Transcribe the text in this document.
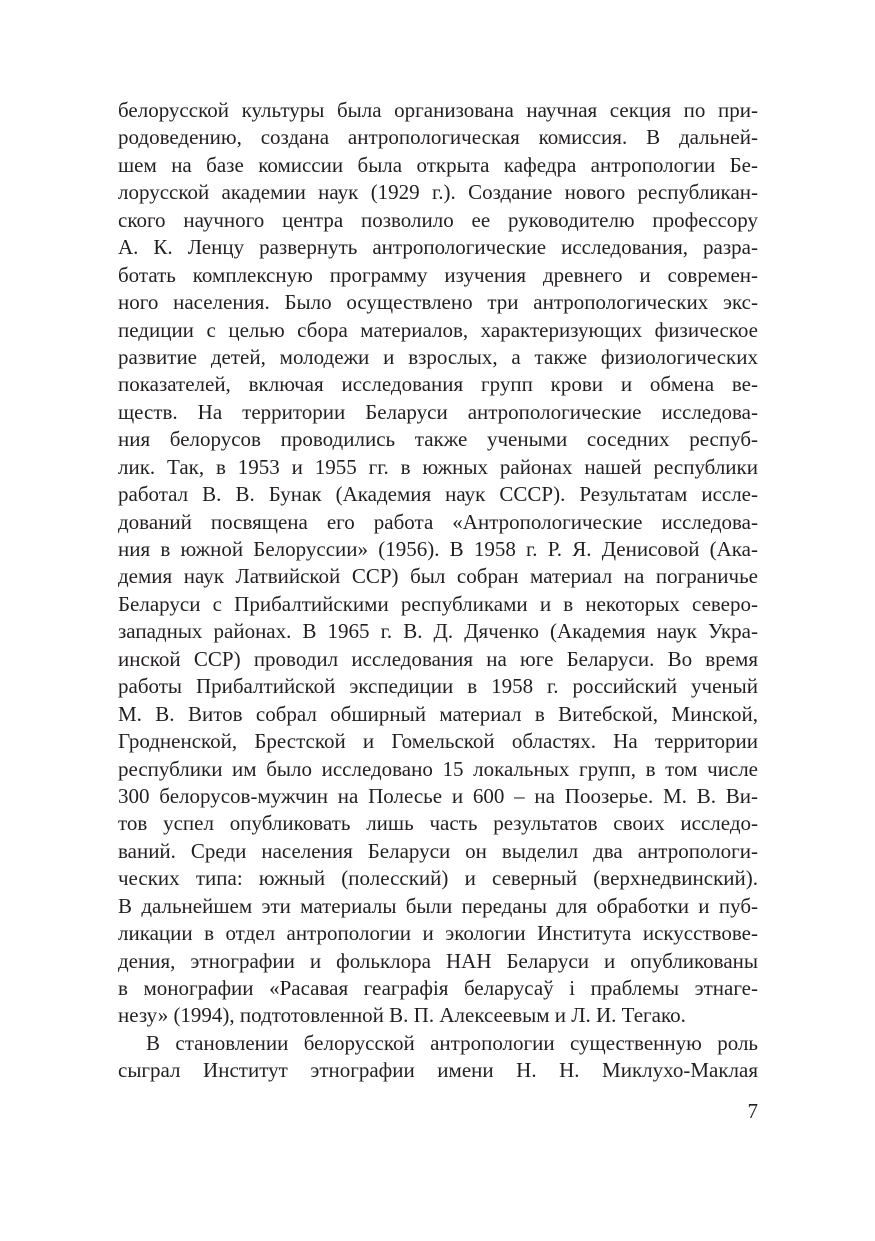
белорусской культуры была организована научная секция по при-
родоведению, создана антропологическая комиссия. В дальней-
шем на базе комиссии была открыта кафедра антропологии Бе-
лорусской академии наук (1929 г.). Создание нового республикан-
ского научного центра позволило ее руководителю профессору
А. К. Ленцу развернуть антропологические исследования, разра-
ботать комплексную программу изучения древнего и современ-
ного населения. Было осуществлено три антропологических экс-
педиции с целью сбора материалов, характеризующих физическое
развитие детей, молодежи и взрослых, а также физиологических
показателей, включая исследования групп крови и обмена ве-
ществ. На территории Беларуси антропологические исследова-
ния белорусов проводились также учеными соседних респуб-
лик. Так, в 1953 и 1955 гг. в южных районах нашей республики
работал В. В. Бунак (Академия наук СССР). Результатам иссле-
дований посвящена его работа «Антропологические исследова-
ния в южной Белоруссии» (1956). В 1958 г. Р. Я. Денисовой (Ака-
демия наук Латвийской ССР) был собран материал на пограничье
Беларуси с Прибалтийскими республиками и в некоторых северо-
западных районах. В 1965 г. В. Д. Дяченко (Академия наук Укра-
инской ССР) проводил исследования на юге Беларуси. Во время
работы Прибалтийской экспедиции в 1958 г. российский ученый
М. В. Витов собрал обширный материал в Витебской, Минской,
Гродненской, Брестской и Гомельской областях. На территории
республики им было исследовано 15 локальных групп, в том числе
300 белорусов-мужчин на Полесье и 600 – на Поозерье. М. В. Ви-
тов успел опубликовать лишь часть результатов своих исследо-
ваний. Среди населения Беларуси он выделил два антропологи-
ческих типа: южный (полесский) и северный (верхнедвинский).
В дальнейшем эти материалы были переданы для обработки и пуб-
ликации в отдел антропологии и экологии Института искусствове-
дения, этнографии и фольклора НАН Беларуси и опубликованы
в монографии «Расавая геаграфія беларусаў і праблемы этнаге-
незу» (1994), подтотовленной В. П. Алексеевым и Л. И. Тегако.
В становлении белорусской антропологии существенную роль
сыграл Институт этнографии имени Н. Н. Миклухо-Маклая
7
